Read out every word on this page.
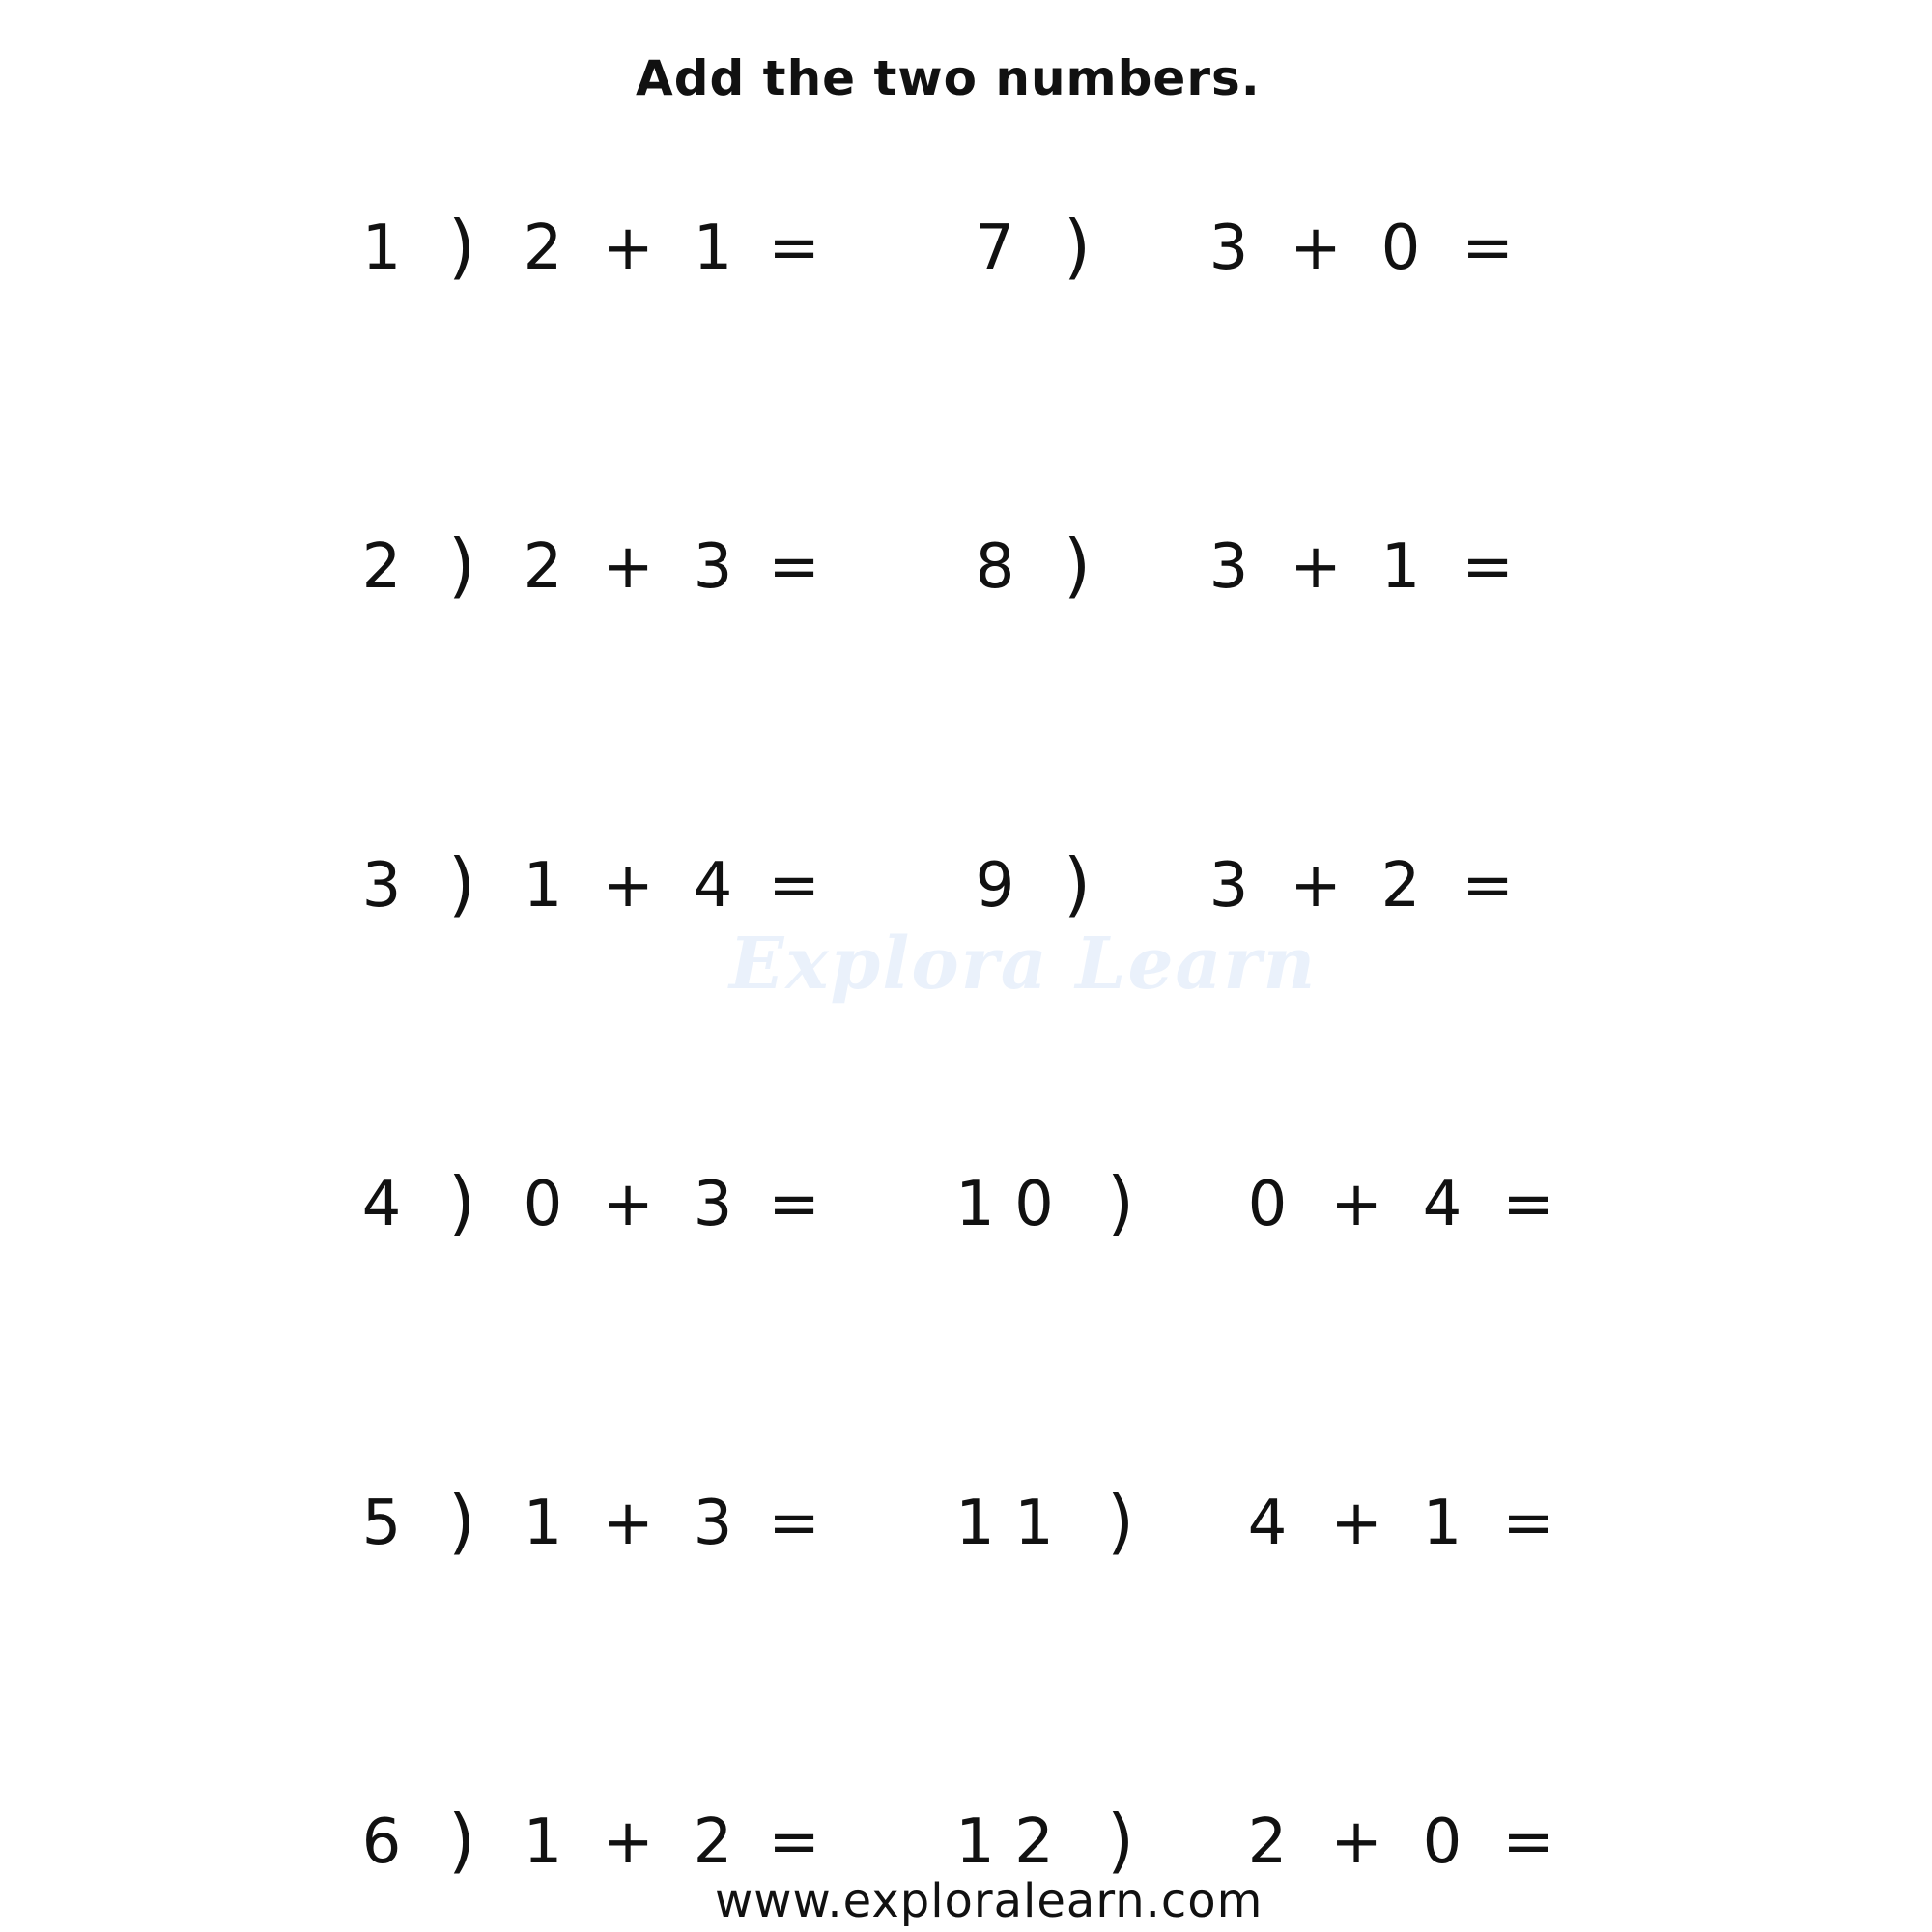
Add the two numbers.
Explora Learn
1 ) 2 + 1 =
2 ) 2 + 3 =
3 ) 1 + 4 =
4 ) 0 + 3 =
5 ) 1 + 3 =
6 ) 1 + 2 =
7 ) 3 + 0 =
8 ) 3 + 1 =
9 ) 3 + 2 =
1 0 ) 0 + 4 =
1 1 ) 4 + 1 =
1 2 ) 2 + 0 =
www.exploralearn.com
